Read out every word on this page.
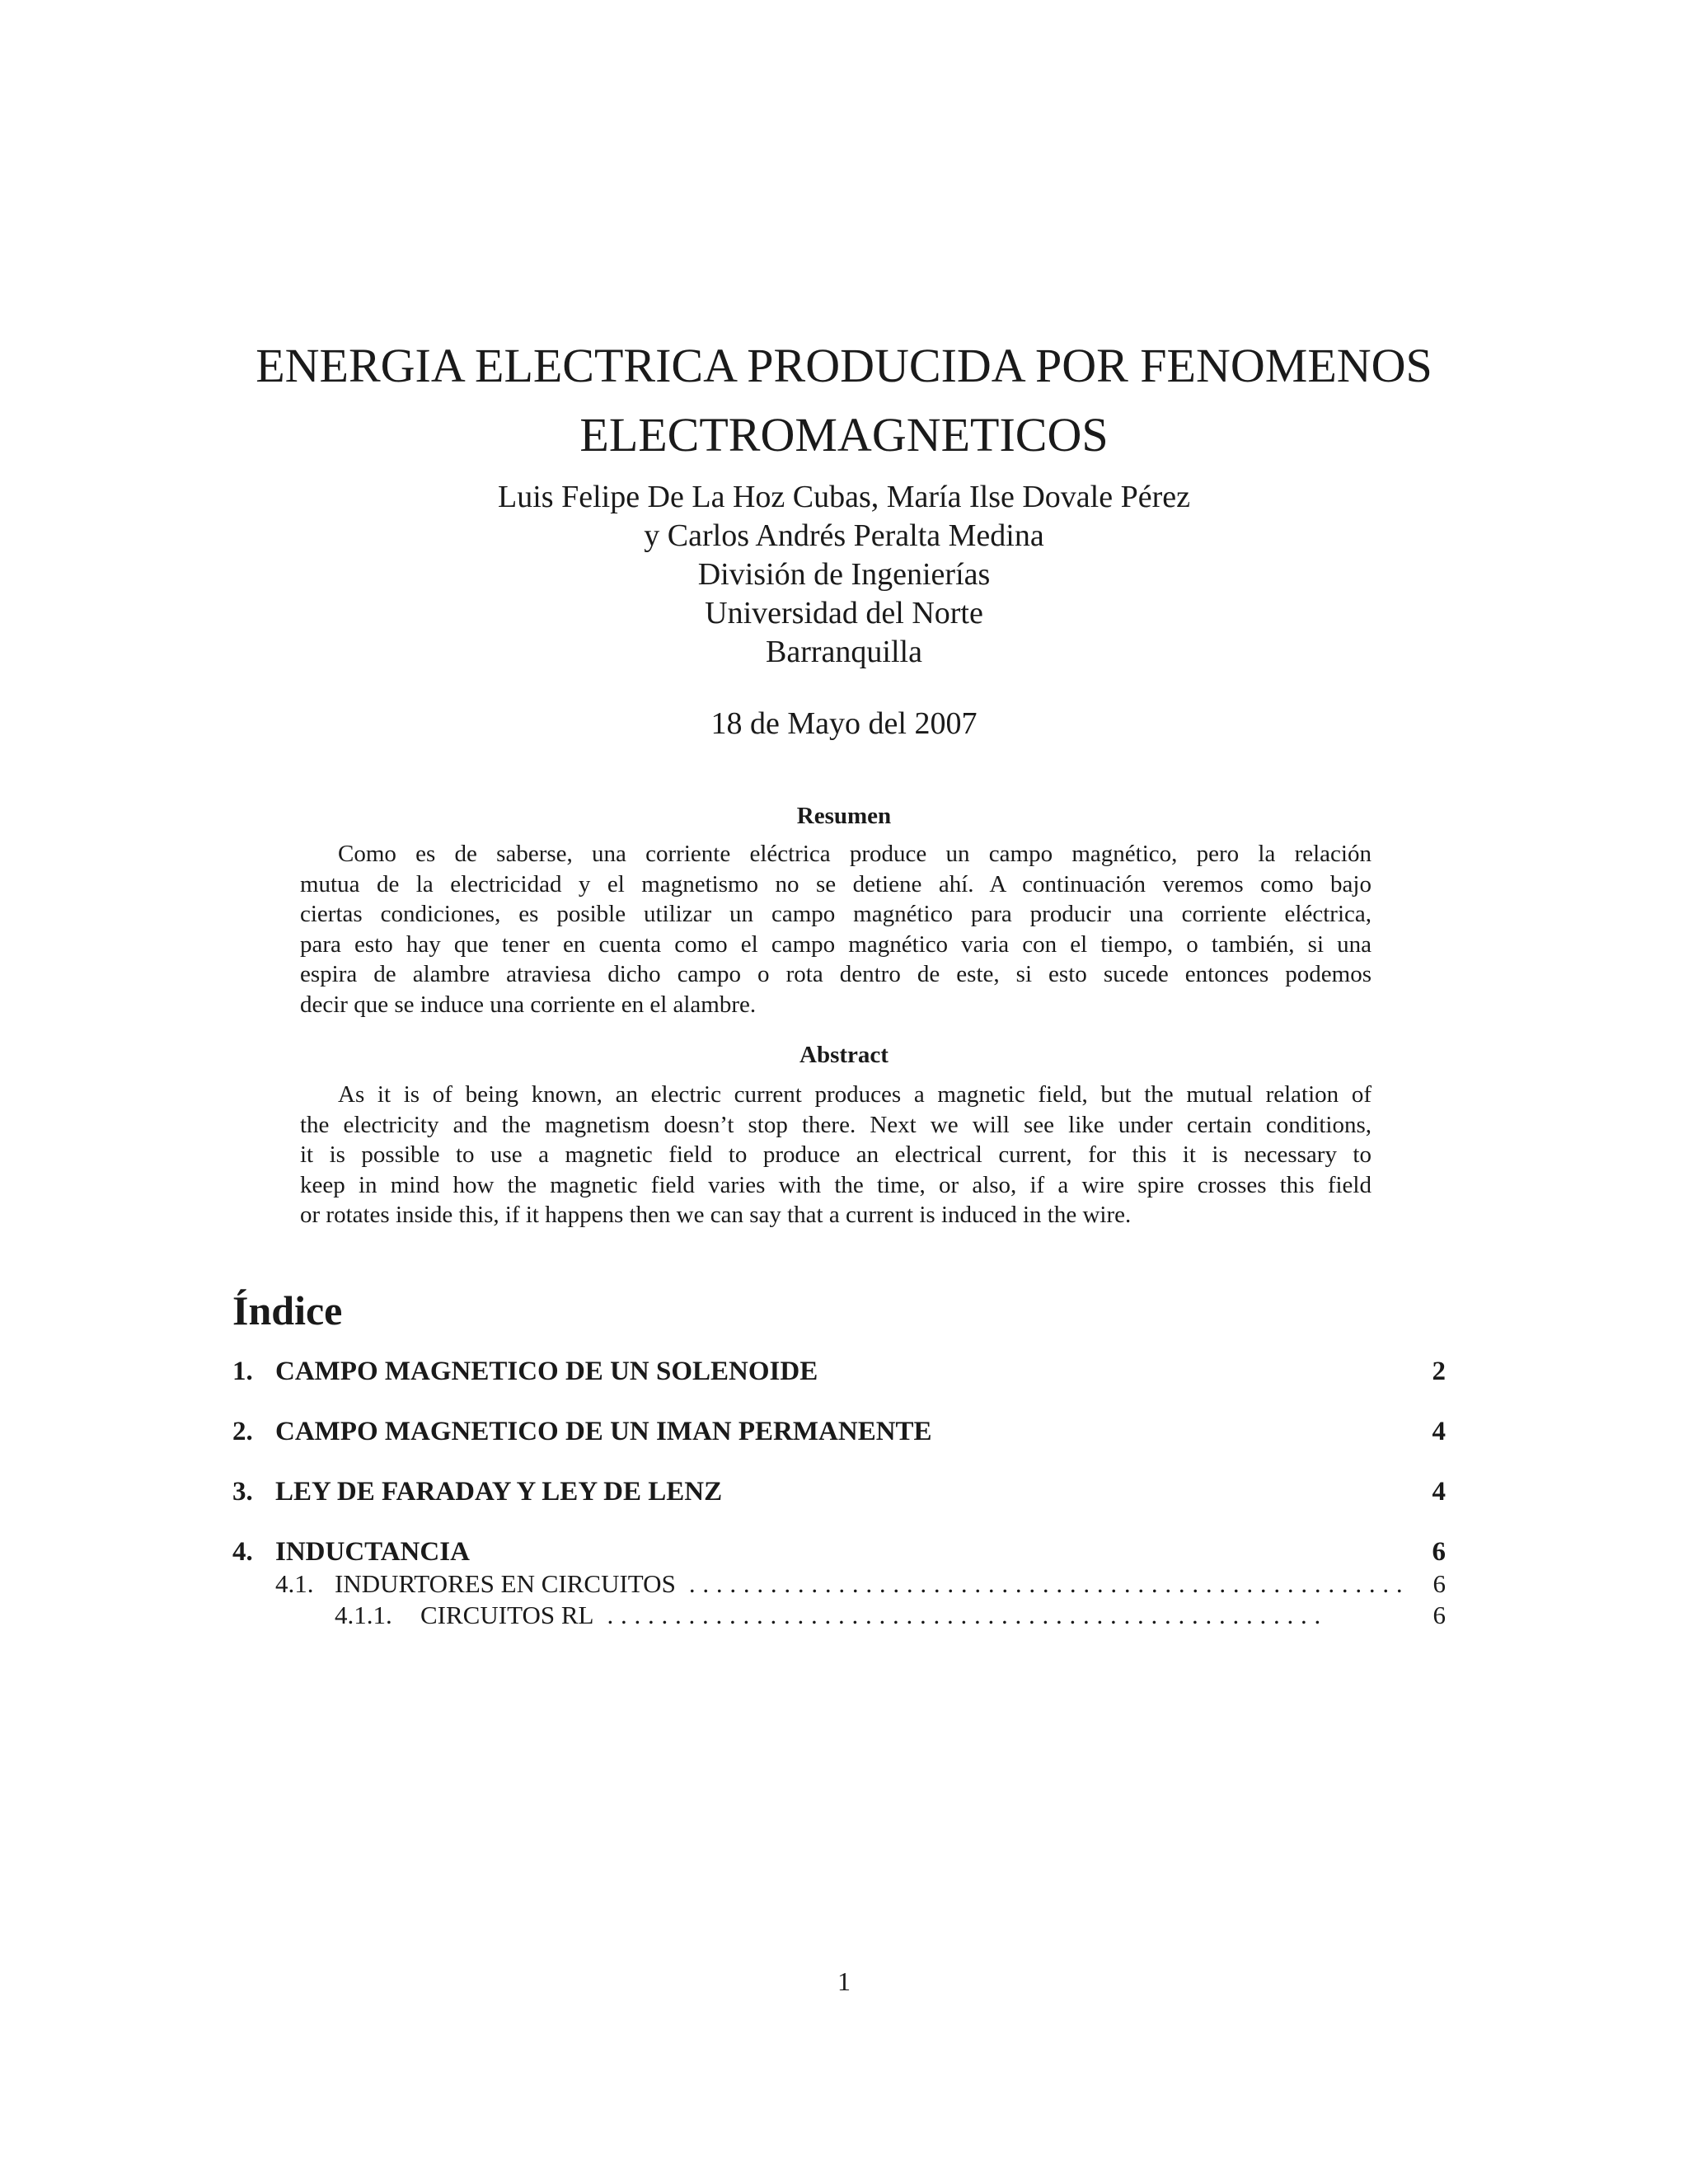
ENERGIA ELECTRICA PRODUCIDA POR FENOMENOS
ELECTROMAGNETICOS
Luis Felipe De La Hoz Cubas, María Ilse Dovale Pérez
y Carlos Andrés Peralta Medina
División de Ingenierías
Universidad del Norte
Barranquilla
18 de Mayo del 2007
Resumen
Como es de saberse, una corriente eléctrica produce un campo magnético, pero la relación
mutua de la electricidad y el magnetismo no se detiene ahí. A continuación veremos como bajo
ciertas condiciones, es posible utilizar un campo magnético para producir una corriente eléctrica,
para esto hay que tener en cuenta como el campo magnético varia con el tiempo, o también, si una
espira de alambre atraviesa dicho campo o rota dentro de este, si esto sucede entonces podemos
decir que se induce una corriente en el alambre.
Abstract
As it is of being known, an electric current produces a magnetic field, but the mutual relation of
the electricity and the magnetism doesn’t stop there. Next we will see like under certain conditions,
it is possible to use a magnetic field to produce an electrical current, for this it is necessary to
keep in mind how the magnetic field varies with the time, or also, if a wire spire crosses this field
or rotates inside this, if it happens then we can say that a current is induced in the wire.
Índice
1. CAMPO MAGNETICO DE UN SOLENOIDE	2
2. CAMPO MAGNETICO DE UN IMAN PERMANENTE	4
3. LEY DE FARADAY Y LEY DE LENZ	4
4. INDUCTANCIA	6
4.1. INDURTORES EN CIRCUITOS . . . . . . . . . . . . . . . . . . . . . . . . . . . . . . . . . . . . . . . . . . . . . . . . . . . . .	6
4.1.1.	CIRCUITOS RL . . . . . . . . . . . . . . . . . . . . . . . . . . . . . . . . . . . . . . . . . . . . . . . . . . . . .	6
1
